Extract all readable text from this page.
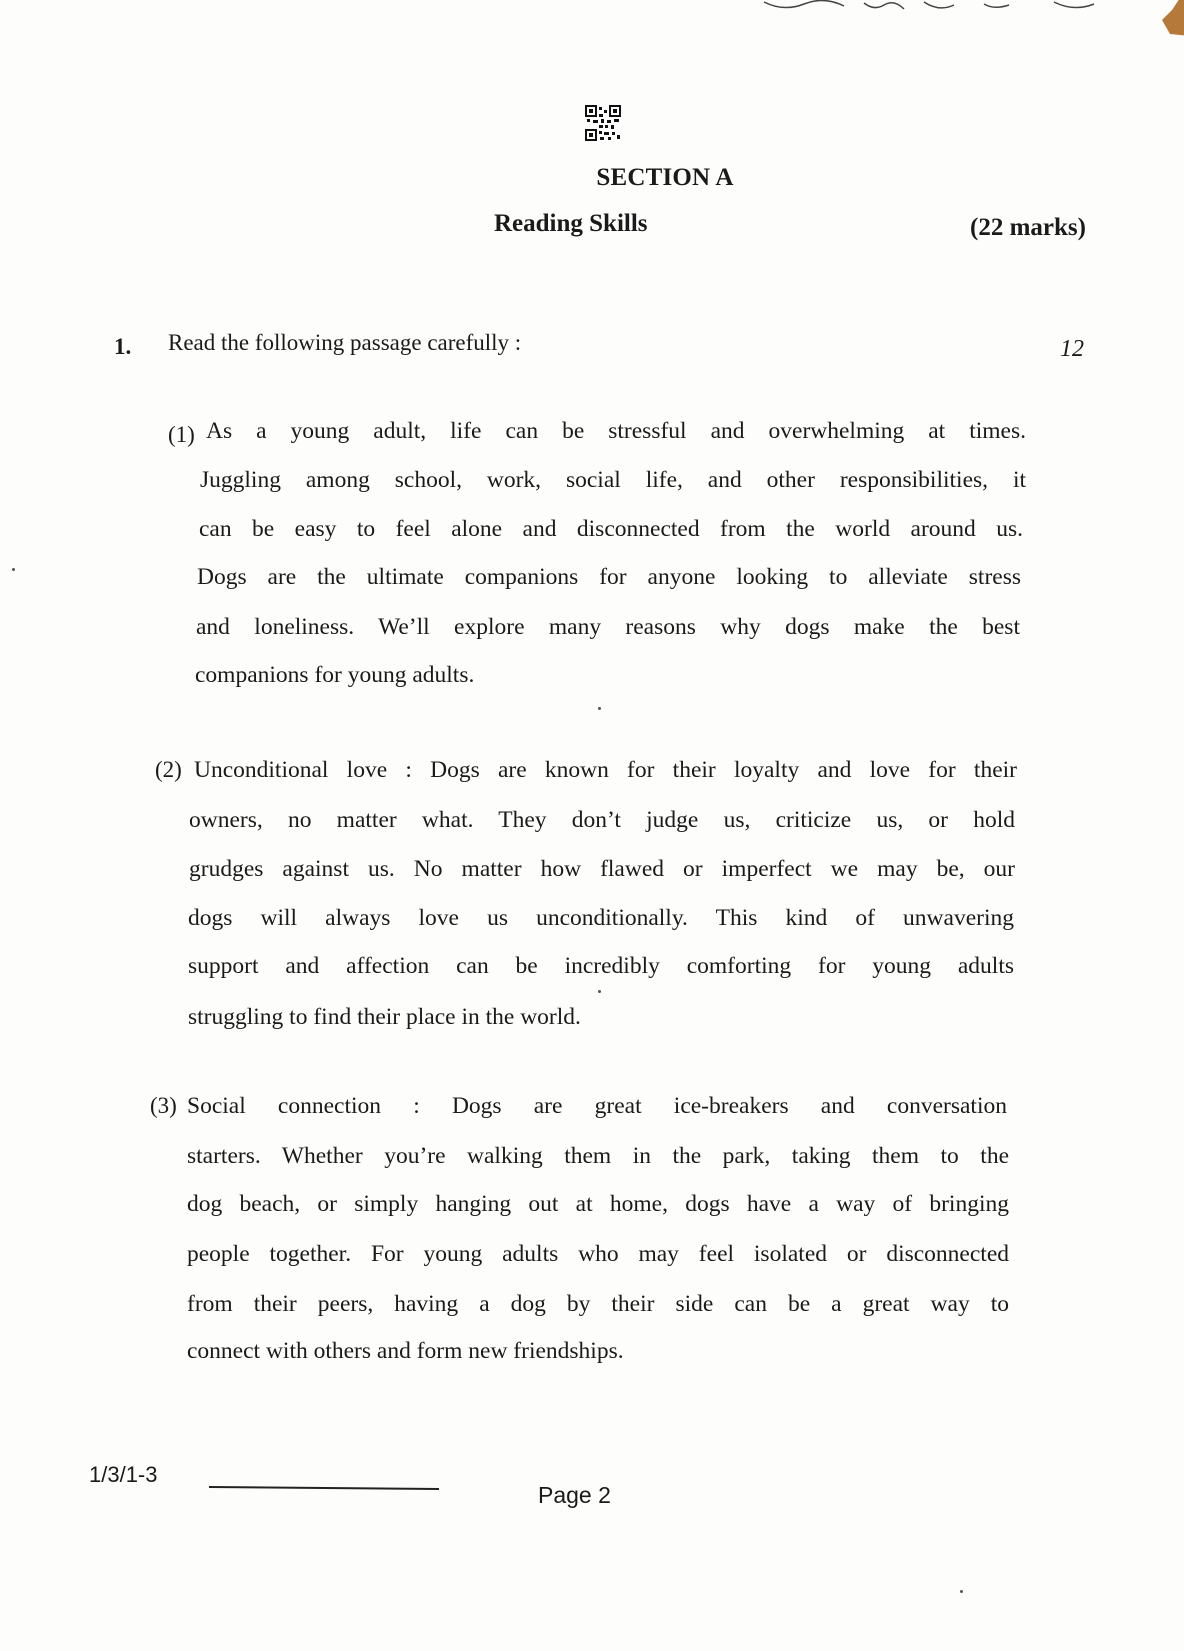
SECTION A
Reading Skills	(22 marks)
1. Read the following passage carefully :	12
(1) As a young adult, life can be stressful and overwhelming at times.
Juggling among school, work, social life, and other responsibilities, it
can be easy to feel alone and disconnected from the world around us.
Dogs are the ultimate companions for anyone looking to alleviate stress
and loneliness. We’ll explore many reasons why dogs make the best
companions for young adults.
(2) Unconditional love : Dogs are known for their loyalty and love for their
owners, no matter what. They don’t judge us, criticize us, or hold
grudges against us. No matter how flawed or imperfect we may be, our
dogs will always love us unconditionally. This kind of unwavering
support and affection can be incredibly comforting for young adults
struggling to find their place in the world.
(3) Social connection : Dogs are great ice-breakers and conversation
starters. Whether you’re walking them in the park, taking them to the
dog beach, or simply hanging out at home, dogs have a way of bringing
people together. For young adults who may feel isolated or disconnected
from their peers, having a dog by their side can be a great way to
connect with others and form new friendships.
1/3/1-3
Page 2
